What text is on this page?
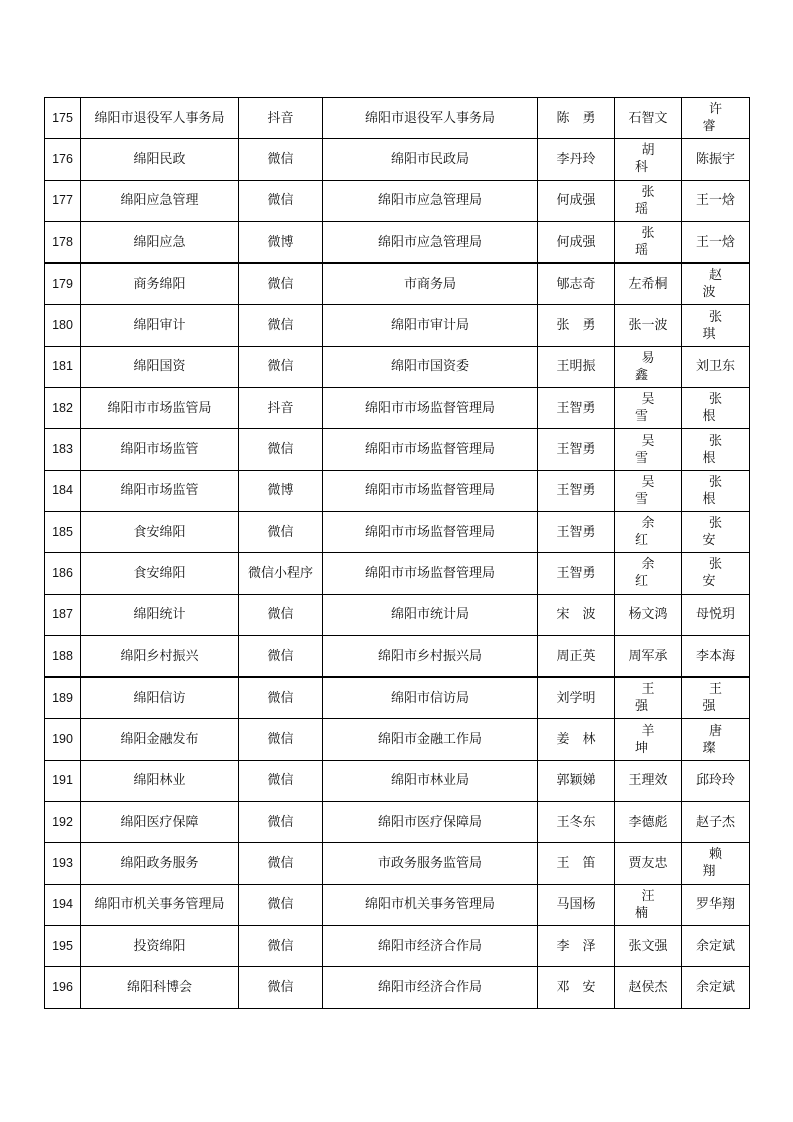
175	绵阳市退役军人事务局	抖音	绵阳市退役军人事务局	陈勇	石智文	许睿
176	绵阳民政	微信	绵阳市民政局	李丹玲	胡科	陈振宇
177	绵阳应急管理	微信	绵阳市应急管理局	何成强	张瑶	王一焓
178	绵阳应急	微博	绵阳市应急管理局	何成强	张瑶	王一焓
179	商务绵阳	微信	市商务局	郇志奇	左希桐	赵波
180	绵阳审计	微信	绵阳市审计局	张勇	张一波	张琪
181	绵阳国资	微信	绵阳市国资委	王明振	易鑫	刘卫东
182	绵阳市市场监管局	抖音	绵阳市市场监督管理局	王智勇	吴雪	张根
183	绵阳市场监管	微信	绵阳市市场监督管理局	王智勇	吴雪	张根
184	绵阳市场监管	微博	绵阳市市场监督管理局	王智勇	吴雪	张根
185	食安绵阳	微信	绵阳市市场监督管理局	王智勇	余红	张安
186	食安绵阳	微信小程序	绵阳市市场监督管理局	王智勇	余红	张安
187	绵阳统计	微信	绵阳市统计局	宋波	杨文鸿	母悦玥
188	绵阳乡村振兴	微信	绵阳市乡村振兴局	周正英	周军承	李本海
189	绵阳信访	微信	绵阳市信访局	刘学明	王强	王强
190	绵阳金融发布	微信	绵阳市金融工作局	姜林	羊坤	唐璨
191	绵阳林业	微信	绵阳市林业局	郭颖娣	王理效	邱玲玲
192	绵阳医疗保障	微信	绵阳市医疗保障局	王冬东	李德彪	赵子杰
193	绵阳政务服务	微信	市政务服务监管局	王笛	贾友忠	赖翔
194	绵阳市机关事务管理局	微信	绵阳市机关事务管理局	马国杨	汪楠	罗华翔
195	投资绵阳	微信	绵阳市经济合作局	李泽	张文强	余定斌
196	绵阳科博会	微信	绵阳市经济合作局	邓安	赵侯杰	余定斌
